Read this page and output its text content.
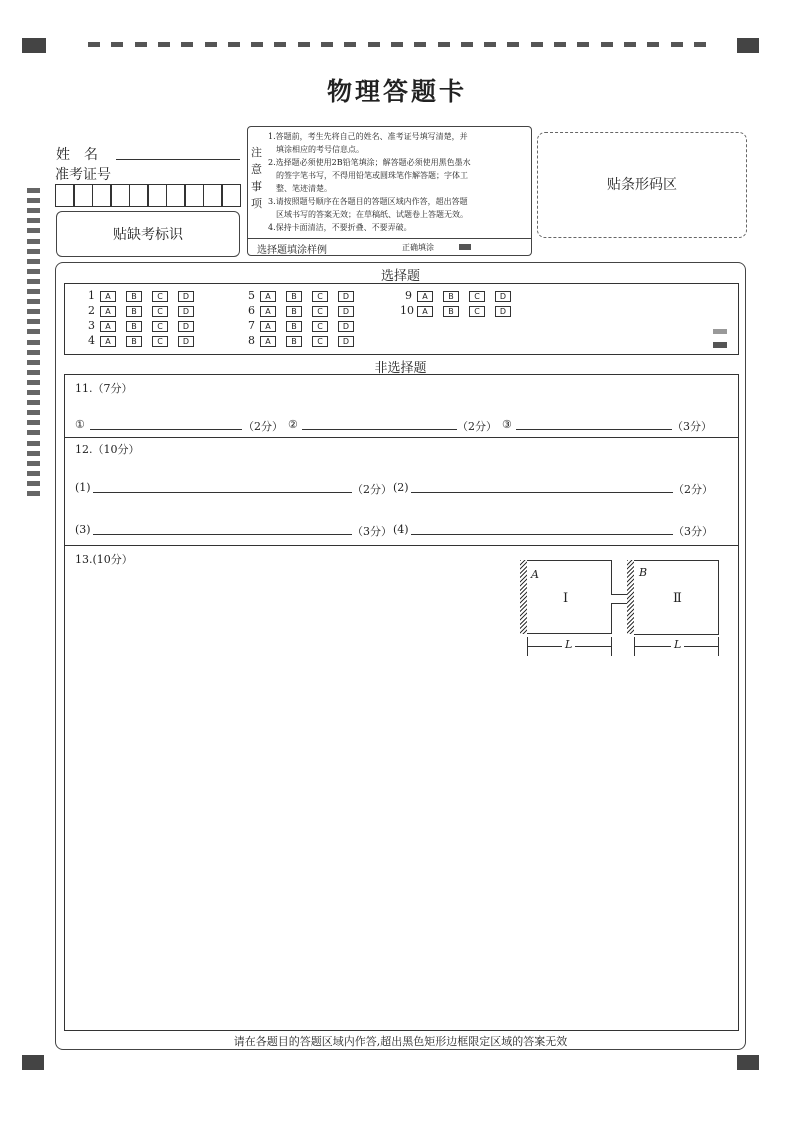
物理答题卡
姓　名
准考证号
贴缺考标识
注
意
事
项
1.答题前，考生先将自己的姓名、准考证号填写清楚，并
　填涂相应的考号信息点。
2.选择题必须使用2B铅笔填涂；解答题必须使用黑色墨水
　的签字笔书写，不得用铅笔或圆珠笔作解答题；字体工
　整、笔迹清楚。
3.请按照题号顺序在各题目的答题区域内作答，超出答题
　区域书写的答案无效；在草稿纸、试题卷上答题无效。
4.保持卡面清洁，不要折叠、不要弄破。
选择题填涂样例	正确填涂
贴条形码区
选择题
1 A	B	C	D
2 A	B	C	D
3 A	B	C	D
4 A	B	C	D
5 A	B	C	D
6 A	B	C	D
7 A	B	C	D
8 A	B	C	D
9 A	B	C	D
10 A	B	C	D
非选择题
11.（7分）
①	（2分） ②	（2分） ③	（3分）
12.（10分）
(1)	（2分） (2)	（2分）
(3)	（3分） (4)	（3分）
13.(10分）
A
Ⅰ
B
Ⅱ
L	L
请在各题目的答题区域内作答,超出黑色矩形边框限定区域的答案无效
